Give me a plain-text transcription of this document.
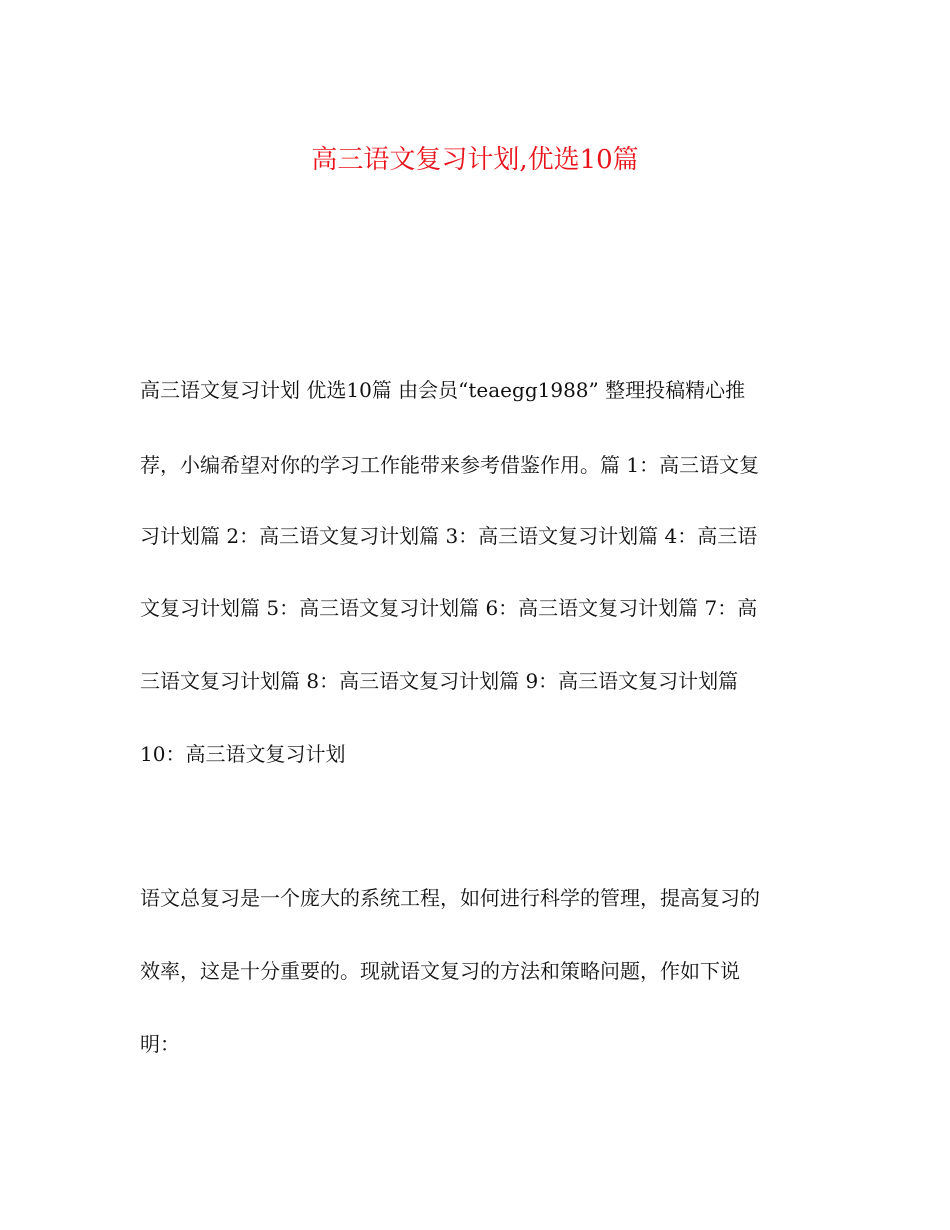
高三语文复习计划,优选10篇
高三语文复习计划 优选10篇 由会员“teaegg1988” 整理投稿精心推
荐，小编希望对你的学习工作能带来参考借鉴作用。篇 1：高三语文复
习计划篇 2：高三语文复习计划篇 3：高三语文复习计划篇 4：高三语
文复习计划篇 5：高三语文复习计划篇 6：高三语文复习计划篇 7：高
三语文复习计划篇 8：高三语文复习计划篇 9：高三语文复习计划篇
10：高三语文复习计划
语文总复习是一个庞大的系统工程，如何进行科学的管理，提高复习的
效率，这是十分重要的。现就语文复习的方法和策略问题，作如下说
明：
